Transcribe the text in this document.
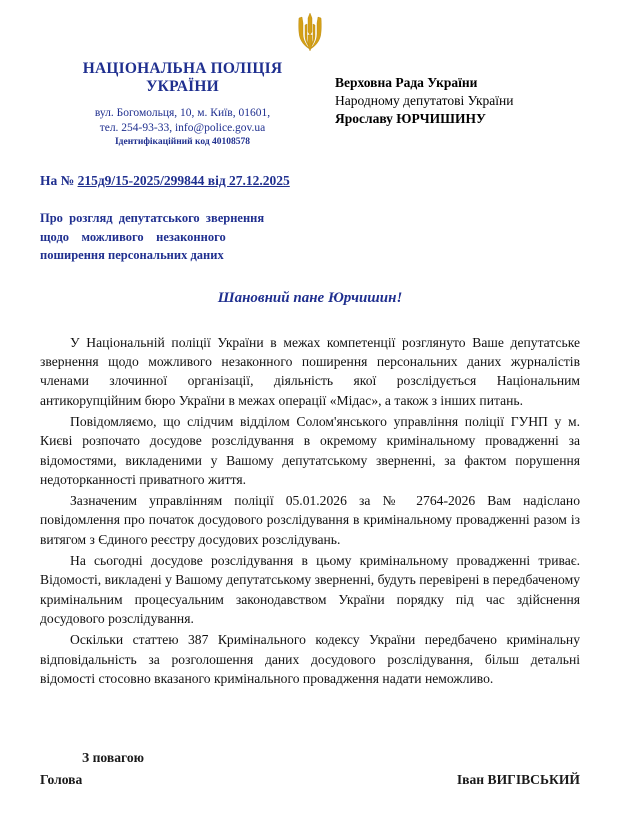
НАЦІОНАЛЬНА ПОЛІЦІЯ
УКРАЇНИ
вул. Богомольця, 10, м. Київ, 01601,
тел. 254-93-33, info@police.gov.ua
Ідентифікаційний код 40108578
Верховна Рада України
Народному депутатові України
Ярославу ЮРЧИШИНУ
На № 215д9/15-2025/299844 від 27.12.2025
Про  розгляд  депутатського  звернення
щодо    можливого    незаконного
поширення персональних даних
Шановний пане Юрчишин!

У Національній поліції України в межах компетенції розглянуто Ваше депутатське звернення щодо можливого незаконного поширення персональних даних журналістів членами злочинної організації, діяльність якої розслідується Національним антикорупційним бюро України в межах операції «Мідас», а також з інших питань.

Повідомляємо, що слідчим відділом Солом'янського управління поліції ГУНП у м. Києві розпочато досудове розслідування в окремому кримінальному провадженні за відомостями, викладеними у Вашому депутатському зверненні, за фактом порушення недоторканності приватного життя.

Зазначеним управлінням поліції 05.01.2026 за № 2764-2026 Вам надіслано повідомлення про початок досудового розслідування в кримінальному провадженні разом із витягом з Єдиного реєстру досудових розслідувань.

На сьогодні досудове розслідування в цьому кримінальному провадженні триває. Відомості, викладені у Вашому депутатському зверненні, будуть перевірені в передбаченому кримінальним процесуальним законодавством України порядку під час здійснення досудового розслідування.

Оскільки статтею 387 Кримінального кодексу України передбачено кримінальну відповідальність за розголошення даних досудового розслідування, більш детальні відомості стосовно вказаного кримінального провадження надати неможливо.

З повагою
Голова	Іван ВИГІВСЬКИЙ
